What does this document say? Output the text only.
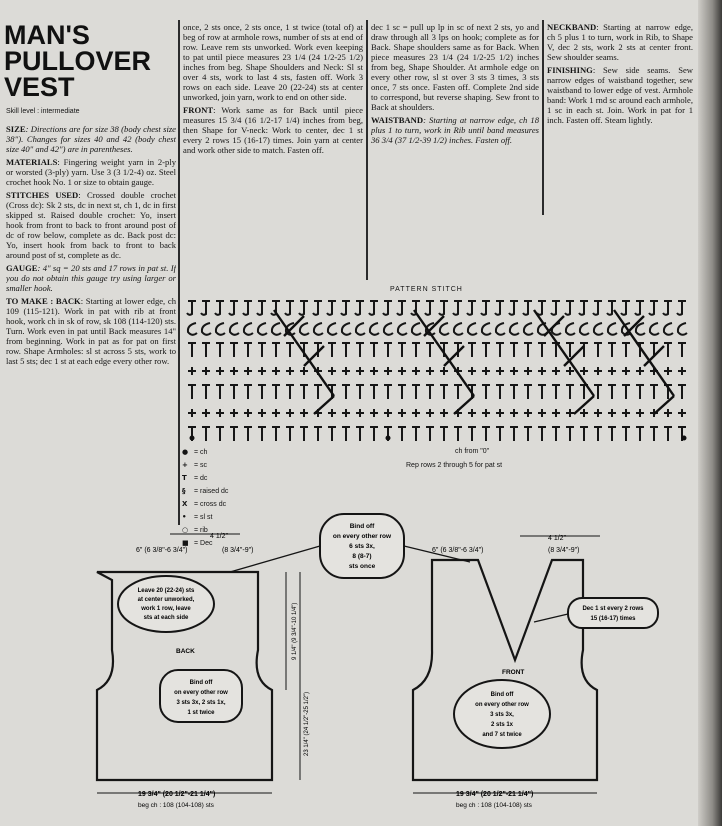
MAN'S
PULLOVER
VEST
Skill level : intermediate

SIZE: Directions are for size 38 (body chest size 38"). Changes for sizes 40 and 42 (body chest size 40" and 42") are in parentheses.

MATERIALS: Fingering weight yarn in 2-ply or worsted (3-ply) yarn. Use 3 (3 1/2-4) oz. Steel crochet hook No. 1 or size to obtain gauge.

STITCHES USED: Crossed double crochet (Cross dc): Sk 2 sts, dc in next st, ch 1, dc in first skipped st. Raised double crochet: Yo, insert hook from front to back to front around post of dc of row below, complete as dc. Back post dc: Yo, insert hook from back to front to back around post of st, complete as dc.

GAUGE: 4" sq = 20 sts and 17 rows in pat st. If you do not obtain this gauge try using larger or smaller hook.

TO MAKE : BACK: Starting at lower edge, ch 109 (115-121). Work in pat with rib at front hook, work ch in sk of row, sk 108 (114-120) sts. Turn. Work even in pat until Back measures 14" from beginning. Work in pat as for pat on first row. Shape Armholes: sl st across 5 sts, work to last 5 sts; dec 1 st at each edge every other row.

once, 2 sts once, 2 sts once, 1 st twice (total of) at beg of row at armhole rows, number of sts at end of row. Leave rem sts unworked. Work even keeping to pat until piece measures 23 1/4 (24 1/2-25 1/2) inches from beg. Shape Shoulders and Neck: Sl st over 4 sts, work to last 4 sts, fasten off. Work 3 rows on each side. Leave 20 (22-24) sts at center unworked, join yarn, work to end on other side.

FRONT: Work same as for Back until piece measures 15 3/4 (16 1/2-17 1/4) inches from beg, then Shape for V-neck: Work to center, dec 1 st every 2 rows 15 (16-17) times. Join yarn at center and work other side to match. Fasten off.

dec 1 sc = pull up lp in sc of next 2 sts, yo and draw through all 3 lps on hook; complete as for Back. Shape shoulders same as for Back. When piece measures 23 1/4 (24 1/2-25 1/2) inches from beg, Shape Shoulder. At armhole edge on every other row, sl st over 3 sts 3 times, 3 sts once, 7 sts once. Fasten off. Complete 2nd side to correspond, but reverse shaping. Sew front to Back at shoulders.

WAISTBAND: Starting at narrow edge, ch 18 plus 1 to turn, work in Rib until band measures 36 3/4 (37 1/2-39 1/2) inches. Fasten off.

NECKBAND: Starting at narrow edge, ch 5 plus 1 to turn, work in Rib, to Shape V, dec 2 sts, work 2 sts at center front. Sew shoulder seams.

FINISHING: Sew side seams. Sew narrow edges of waistband together, sew waistband to lower edge of vest. Armhole band: Work 1 rnd sc around each armhole, 1 sc in each st. Join. Work in pat for 1 inch. Fasten off. Steam lightly.

PATTERN STITCH
ch from "0"
Rep rows 2 through 5 for pat st
● = ch
+ = sc
T = dc
§ = raised dc
X = cross dc
• = sl st
○ = rib
■ = Dec
Bind off
on every other row
6 sts 3x,
8 (8-7)
sts once
4 1/2"
6" (6 3/8"-6 3/4")	(8 3/4"-9")
Leave 20 (22-24) sts
at center unworked,
work 1 row, leave
sts at each side
BACK
Bind off
on every other row
3 sts 3x, 2 sts 1x,
1 st twice
9 1/4" (9 3/4"-10 1/4")
23 1/4" (24 1/2"-25 1/2")
19 3/4" (20 1/2"-21 1/4")
beg ch : 108 (104-108) sts
4 1/2"
6" (6 3/8"-6 3/4")	(8 3/4"-9")
Dec 1 st every 2 rows
15 (16-17) times
FRONT
Bind off
on every other row
3 sts 3x,
2 sts 1x
and 7 st twice
19 3/4" (20 1/2"-21 1/4")
beg ch : 108 (104-108) sts
